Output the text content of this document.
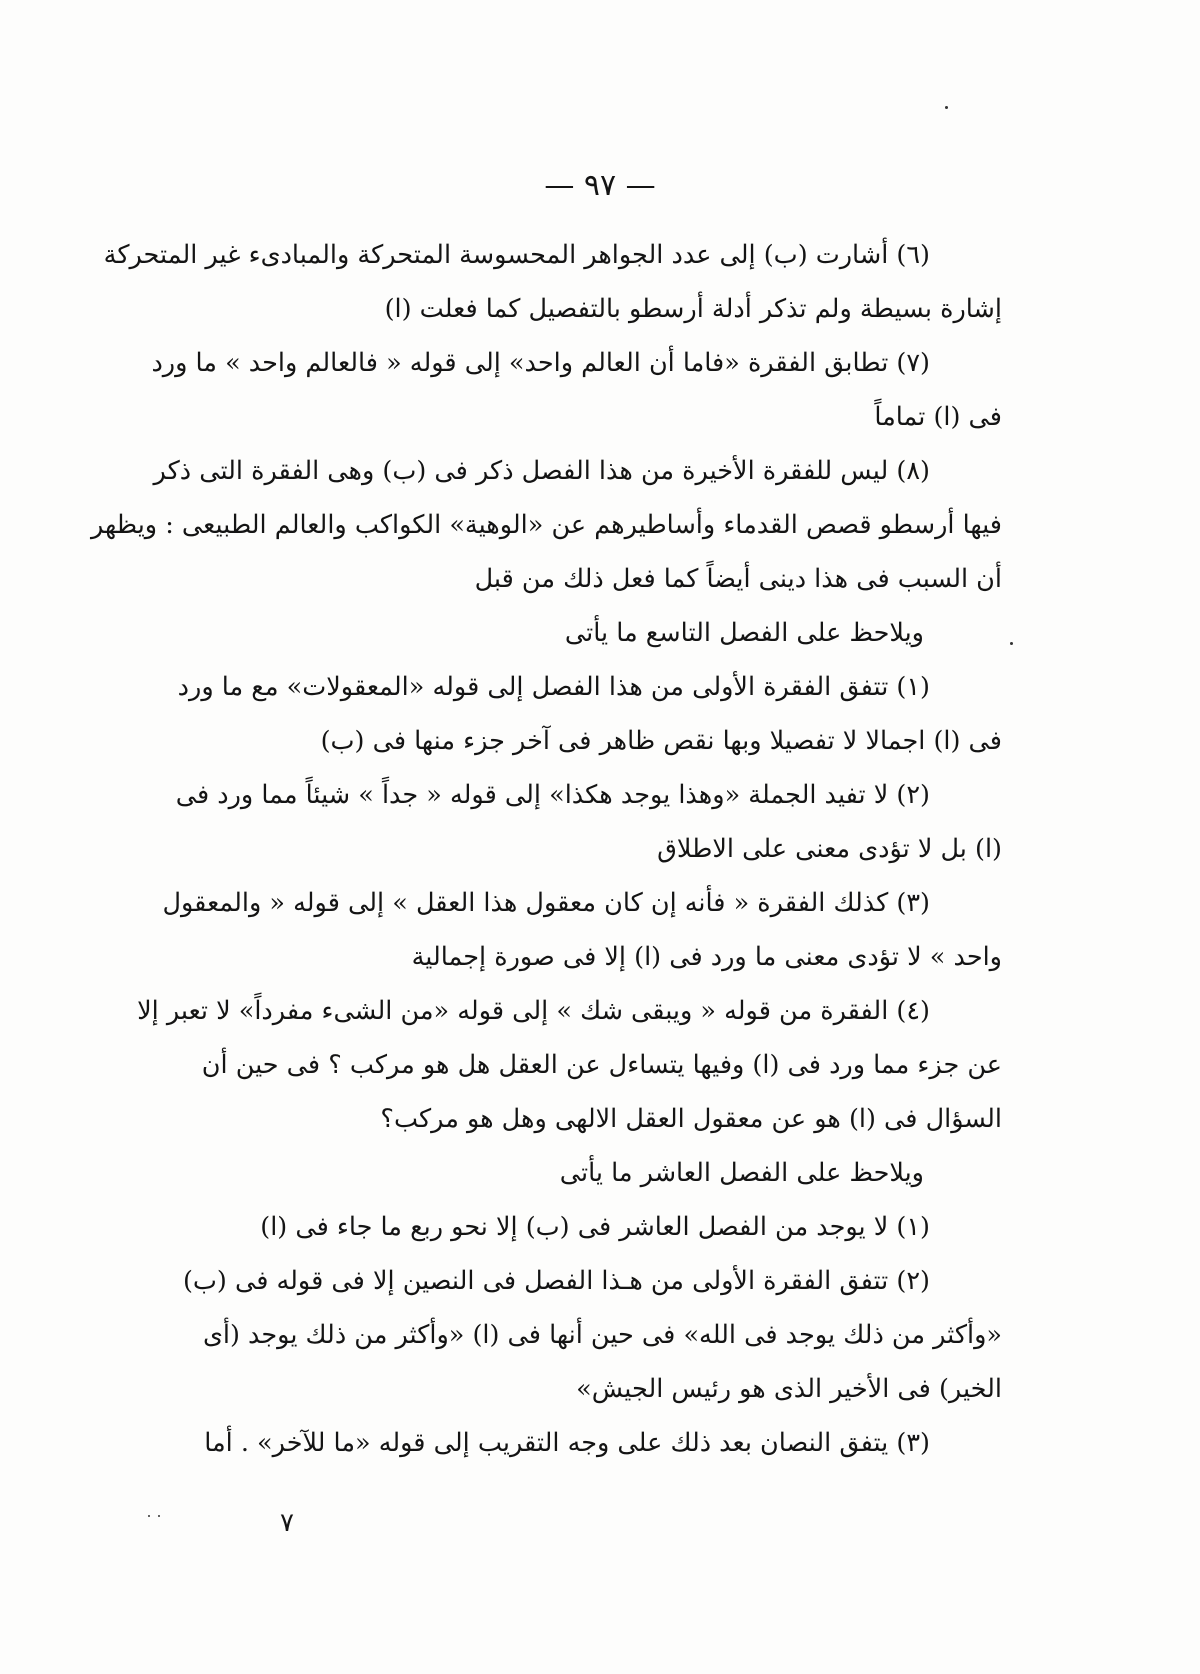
— ٩٧ —
(٦) أشارت (ب) إلى عدد الجواهر المحسوسة المتحركة والمبادىء غير المتحركة
إشارة بسيطة ولم تذكر أدلة أرسطو بالتفصيل كما فعلت (ا)
(٧) تطابق الفقرة «فاما أن العالم واحد» إلى قوله « فالعالم واحد » ما ورد
فى (ا) تماماً
(٨) ليس للفقرة الأخيرة من هذا الفصل ذكر فى (ب) وهى الفقرة التى ذكر
فيها أرسطو قصص القدماء وأساطيرهم عن «الوهية» الكواكب والعالم الطبيعى : ويظهر
أن السبب فى هذا دينى أيضاً كما فعل ذلك من قبل
ويلاحظ على الفصل التاسع ما يأتى
(١) تتفق الفقرة الأولى من هذا الفصل إلى قوله «المعقولات» مع ما ورد
فى (ا) اجمالا لا تفصيلا وبها نقص ظاهر فى آخر جزء منها فى (ب)
(٢) لا تفيد الجملة «وهذا يوجد هكذا» إلى قوله « جداً » شيئاً مما ورد فى
(ا) بل لا تؤدى معنى على الاطلاق
(٣) كذلك الفقرة « فأنه إن كان معقول هذا العقل » إلى قوله « والمعقول
واحد » لا تؤدى معنى ما ورد فى (ا) إلا فى صورة إجمالية
(٤) الفقرة من قوله « ويبقى شك » إلى قوله «من الشىء مفرداً» لا تعبر إلا
عن جزء مما ورد فى (ا) وفيها يتساءل عن العقل هل هو مركب ؟ فى حين أن
السؤال فى (ا) هو عن معقول العقل الالهى وهل هو مركب؟
ويلاحظ على الفصل العاشر ما يأتى
(١) لا يوجد من الفصل العاشر فى (ب) إلا نحو ربع ما جاء فى (ا)
(٢) تتفق الفقرة الأولى من هـذا الفصل فى النصين إلا فى قوله فى (ب)
«وأكثر من ذلك يوجد فى الله» فى حين أنها فى (ا) «وأكثر من ذلك يوجد (أى
الخير) فى الأخير الذى هو رئيس الجيش»
(٣) يتفق النصان بعد ذلك على وجه التقريب إلى قوله «ما للآخر» . أما
٧
